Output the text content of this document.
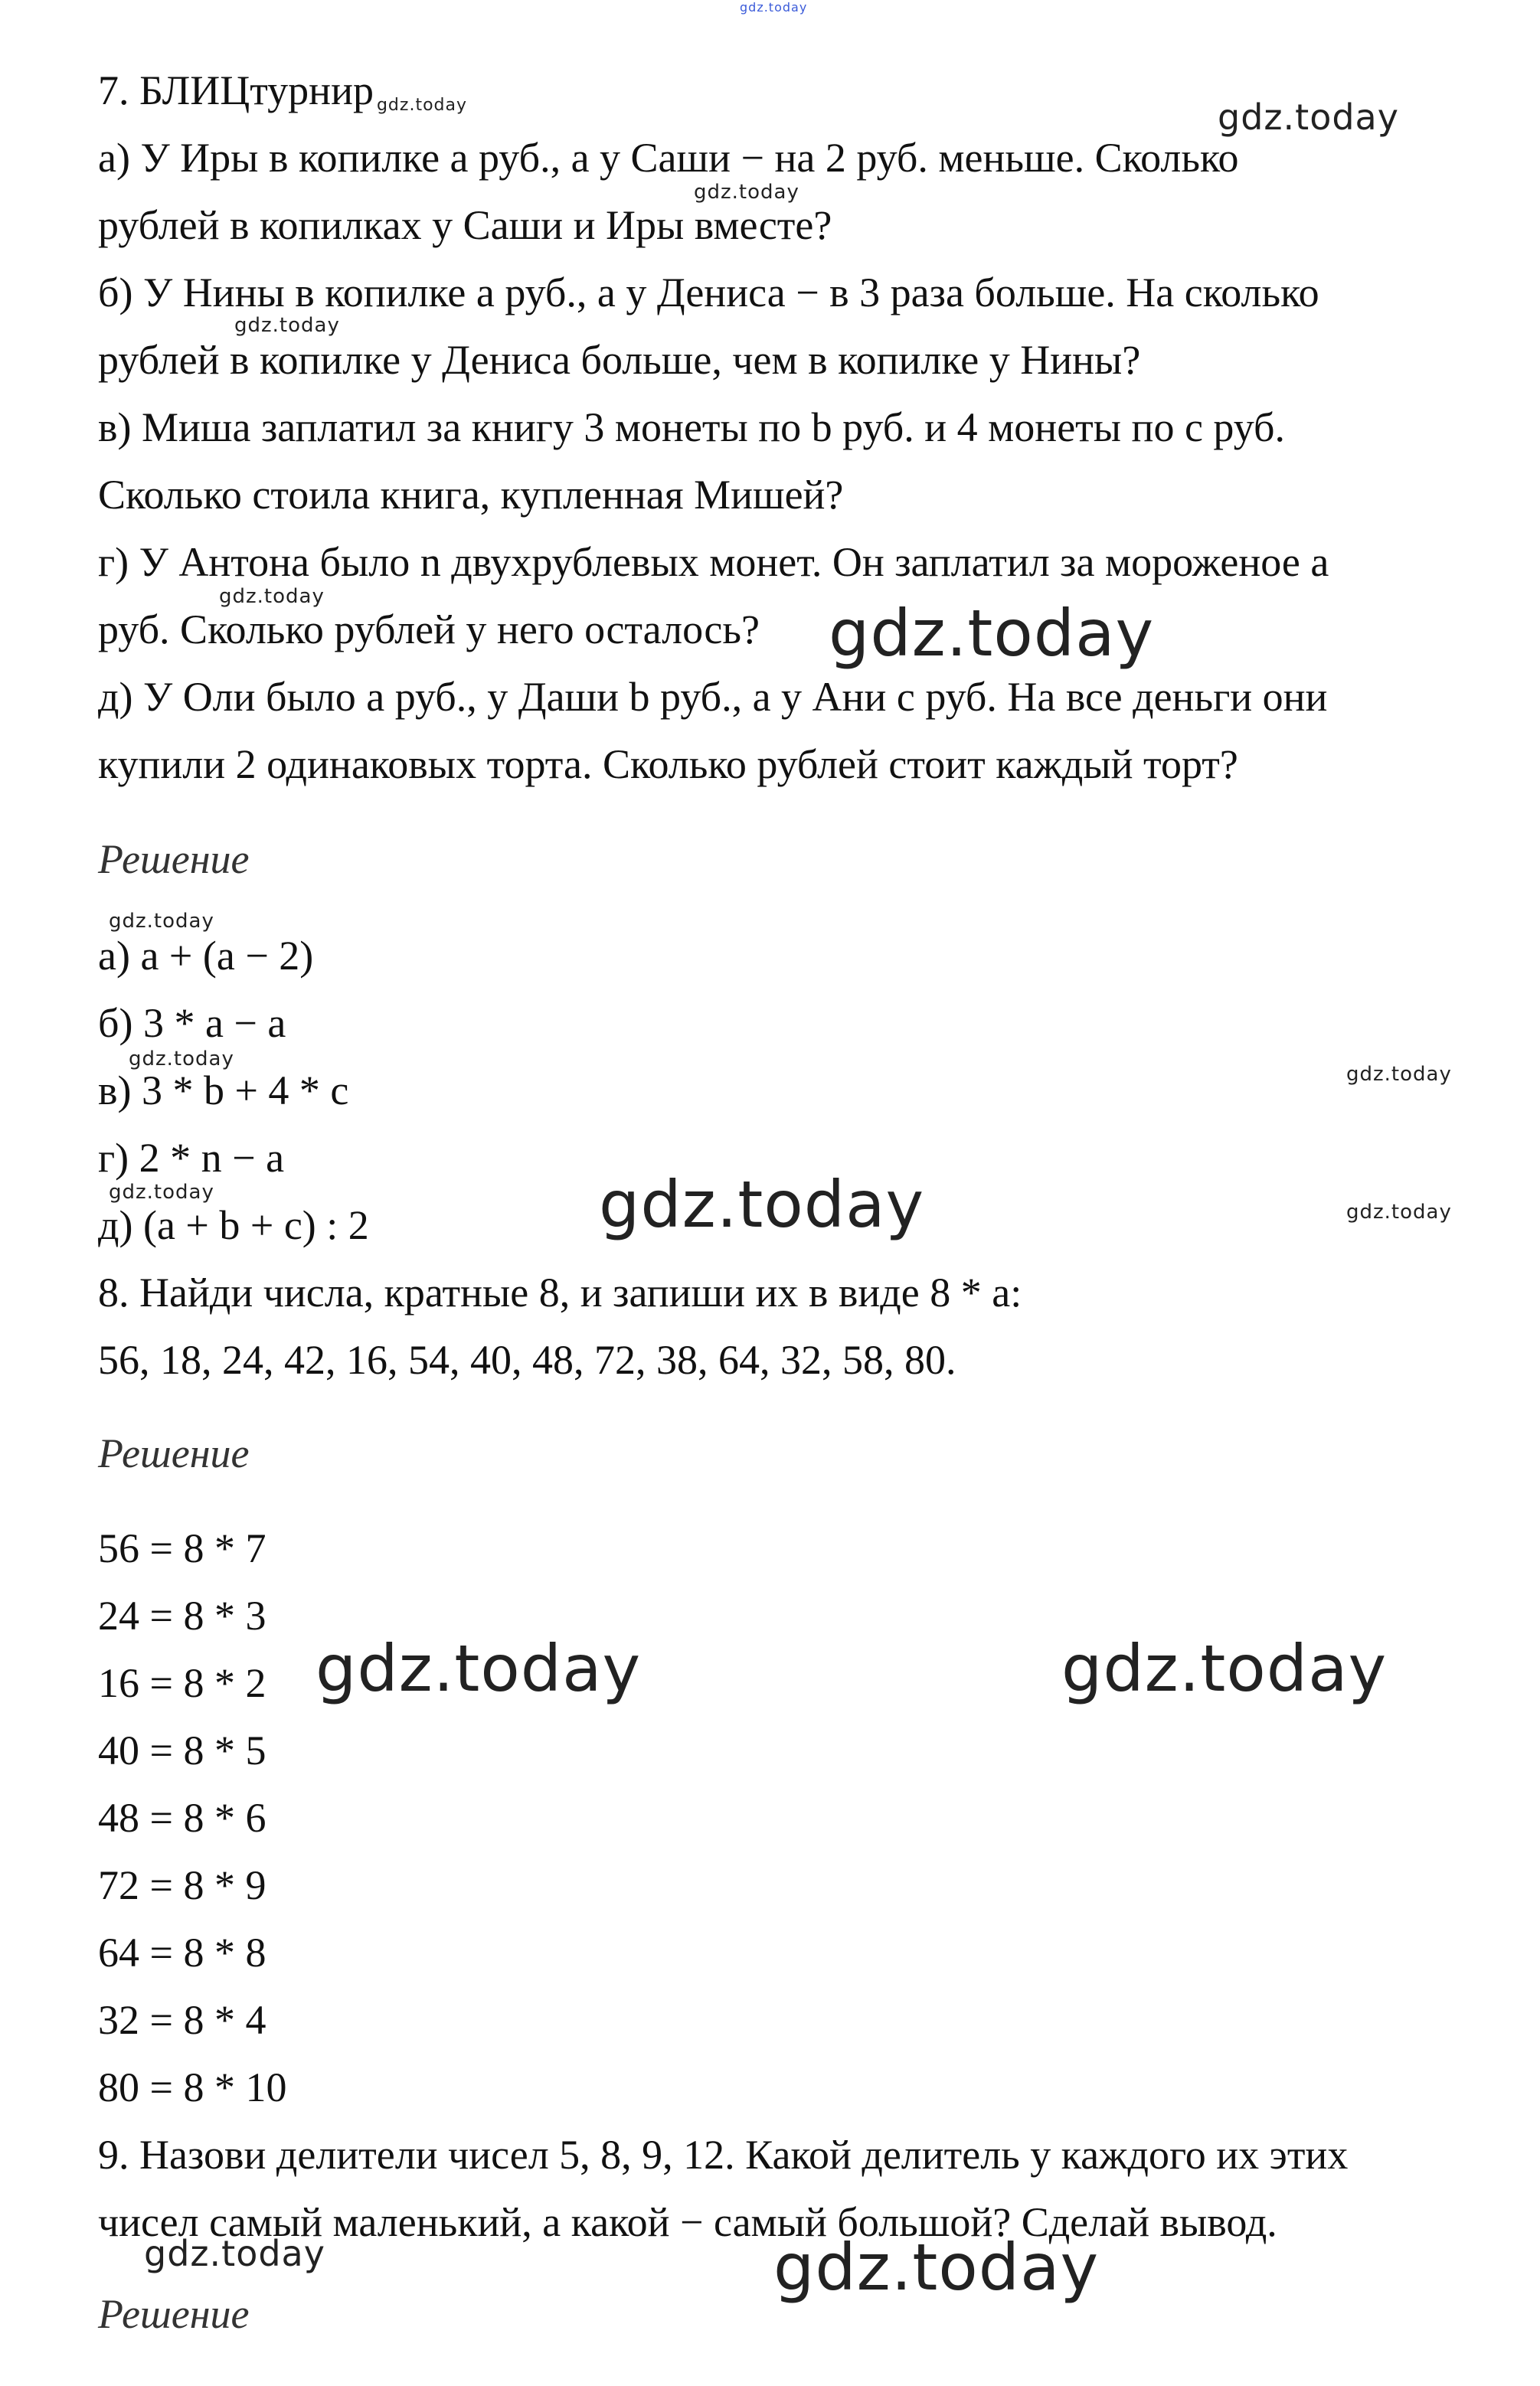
gdz.today
7. БЛИЦтурнир gdz.today
а) У Иры в копилке а руб., а у Саши − на 2 руб. меньше. Сколько
рублей в копилках у Саши и Иры вместе?
б) У Нины в копилке а руб., а у Дениса − в 3 раза больше. На сколько
рублей в копилке у Дениса больше, чем в копилке у Нины?
в) Миша заплатил за книгу 3 монеты по b руб. и 4 монеты по с руб.
Сколько стоила книга, купленная Мишей?
г) У Антона было n двухрублевых монет. Он заплатил за мороженое а
руб. Сколько рублей у него осталось?
д) У Оли было а руб., у Даши b руб., а у Ани с руб. На все деньги они
купили 2 одинаковых торта. Сколько рублей стоит каждый торт?
Решение
а) а + (а − 2)
б) 3 * а − а
в) 3 * b + 4 * c
г) 2 * n − a
д) (a + b + c) : 2
8. Найди числа, кратные 8, и запиши их в виде 8 * а:
56, 18, 24, 42, 16, 54, 40, 48, 72, 38, 64, 32, 58, 80.
Решение
56 = 8 * 7
24 = 8 * 3
16 = 8 * 2
40 = 8 * 5
48 = 8 * 6
72 = 8 * 9
64 = 8 * 8
32 = 8 * 4
80 = 8 * 10
9. Назови делители чисел 5, 8, 9, 12. Какой делитель у каждого их этих
чисел самый маленький, а какой − самый большой? Сделай вывод.
Решение
gdz.today
gdz.today
gdz.today
gdz.today	gdz.today
gdz.today
gdz.today
gdz.today
gdz.today	gdz.today	gdz.today
gdz.today	gdz.today
gdz.today	gdz.today
